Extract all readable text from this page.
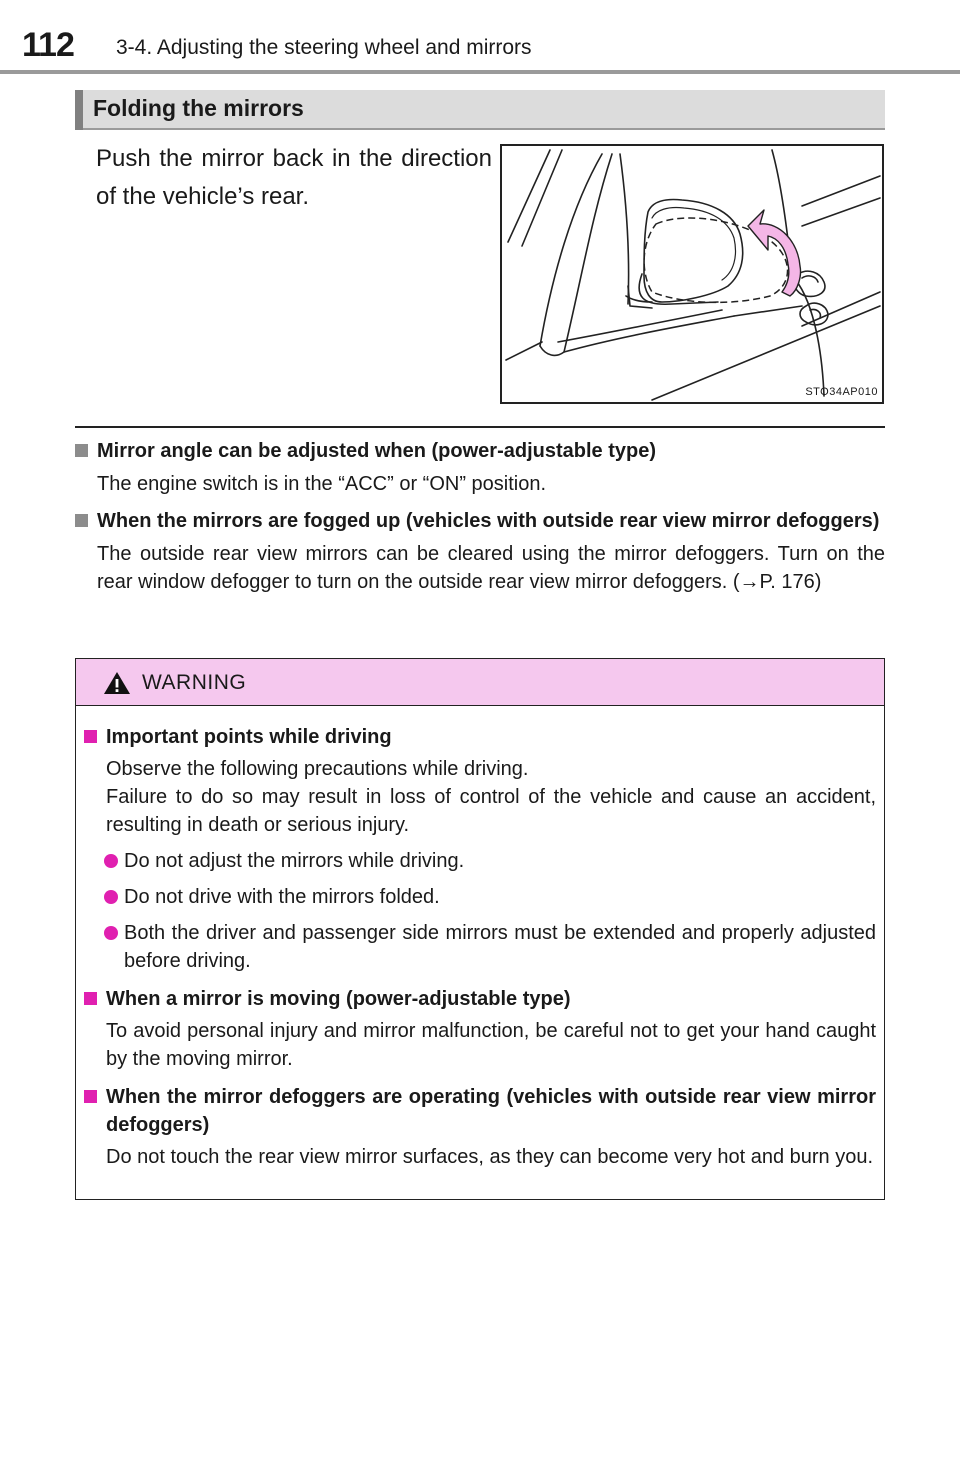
112 3-4. Adjusting the steering wheel and mirrors
Folding the mirrors
Push the mirror back in the direction of the vehicle’s rear.
STO34AP010
Mirror angle can be adjusted when (power-adjustable type)
The engine switch is in the “ACC” or “ON” position.
When the mirrors are fogged up (vehicles with outside rear view mirror defoggers)
The outside rear view mirrors can be cleared using the mirror defoggers. Turn on the rear window defogger to turn on the outside rear view mirror defoggers. (→P. 176)
WARNING
Important points while driving
Observe the following precautions while driving.
Failure to do so may result in loss of control of the vehicle and cause an accident, resulting in death or serious injury.
Do not adjust the mirrors while driving.
Do not drive with the mirrors folded.
Both the driver and passenger side mirrors must be extended and properly adjusted before driving.
When a mirror is moving (power-adjustable type)
To avoid personal injury and mirror malfunction, be careful not to get your hand caught by the moving mirror.
When the mirror defoggers are operating (vehicles with outside rear view mirror defoggers)
Do not touch the rear view mirror surfaces, as they can become very hot and burn you.
